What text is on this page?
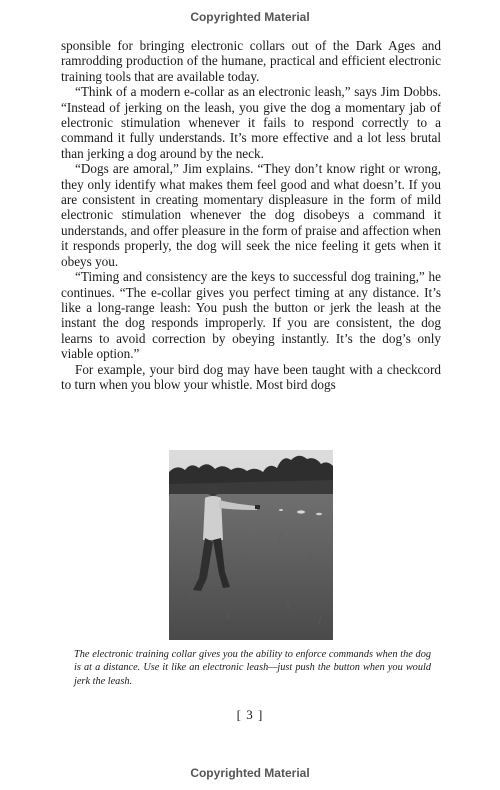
Copyrighted Material

sponsible for bringing electronic collars out of the Dark Ages and ramrodding production of the humane, practical and efficient electronic training tools that are available today.

“Think of a modern e-collar as an electronic leash,” says Jim Dobbs. “Instead of jerking on the leash, you give the dog a momentary jab of electronic stimulation whenever it fails to respond correctly to a command it fully understands. It’s more effective and a lot less brutal than jerking a dog around by the neck.

“Dogs are amoral,” Jim explains. “They don’t know right or wrong, they only identify what makes them feel good and what doesn’t. If you are consistent in creating momentary displeasure in the form of mild electronic stimulation whenever the dog disobeys a command it understands, and offer pleasure in the form of praise and affection when it responds properly, the dog will seek the nice feeling it gets when it obeys you.

“Timing and consistency are the keys to successful dog training,” he continues. “The e-collar gives you perfect timing at any distance. It’s like a long-range leash: You push the button or jerk the leash at the instant the dog responds improperly. If you are consistent, the dog learns to avoid correction by obeying instantly. It’s the dog’s only viable option.”

For example, your bird dog may have been taught with a checkcord to turn when you blow your whistle. Most bird dogs

The electronic training collar gives you the ability to enforce commands when the dog is at a distance. Use it like an electronic leash—just push the button when you would jerk the leash.
[ 3 ]
Copyrighted Material
